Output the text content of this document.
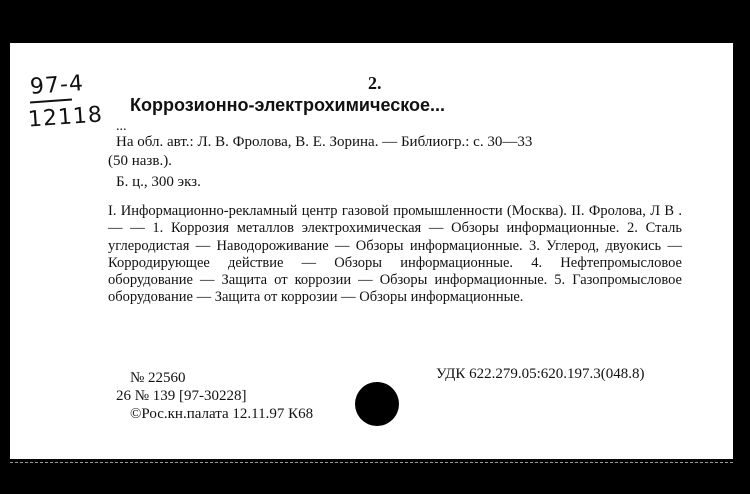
97-4
12118
2.
Коррозионно-электрохимическое...
...
На обл. авт.: Л. В. Фролова, В. Е. Зорина. — Библиогр.: с. 30—33
(50 назв.).
Б. ц., 300 экз.

I. Информационно-рекламный центр газовой промышленности (Москва). II. Фролова, Л В . — — 1. Коррозия металлов электрохимическая — Обзоры информационные. 2. Сталь углеродистая — Наводороживание — Обзоры информационные. 3. Углерод, двуокись — Корродирующее действие — Обзоры информационные. 4. Нефтепромысловое оборудование — Защита от коррозии — Обзоры информационные. 5. Газопромысловое оборудование — Защита от коррозии — Обзоры информационные.

№ 22560	УДК 622.279.05:620.197.3(048.8)
26 № 139 [97-30228]
©Рос.кн.палата 12.11.97 К68
